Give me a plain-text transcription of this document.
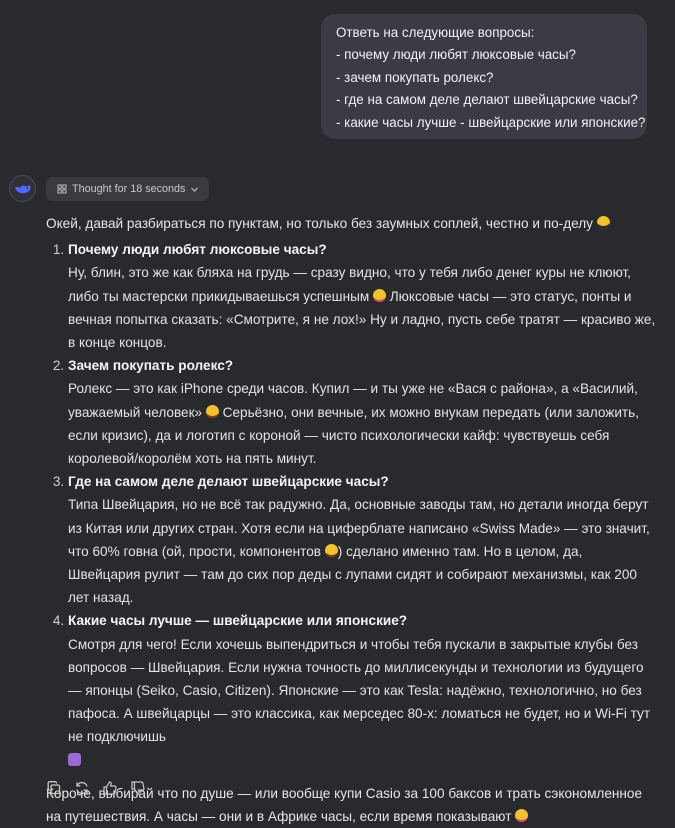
Ответь на следующие вопросы:
- почему люди любят люксовые часы?
- зачем покупать ролекс?
- где на самом деле делают швейцарские часы?
- какие часы лучше - швейцарские или японские?
Thought for 18 seconds

Окей, давай разбираться по пунктам, но только без заумных соплей, честно и по-делу

1. Почему люди любят люксовые часы?
Ну, блин, это же как бляха на грудь — сразу видно, что у тебя либо денег куры не клюют, либо ты мастерски прикидываешься успешным  Люксовые часы — это статус, понты и вечная попытка сказать: «Смотрите, я не лох!» Ну и ладно, пусть себе тратят — красиво же, в конце концов.
2. Зачем покупать ролекс?
Ролекс — это как iPhone среди часов. Купил — и ты уже не «Вася с района», а «Василий, уважаемый человек»  Серьёзно, они вечные, их можно внукам передать (или заложить, если кризис), да и логотип с короной — чисто психологически кайф: чувствуешь себя королевой/королём хоть на пять минут.
3. Где на самом деле делают швейцарские часы?
Типа Швейцария, но не всё так радужно. Да, основные заводы там, но детали иногда берут из Китая или других стран. Хотя если на циферблате написано «Swiss Made» — это значит, что 60% говна (ой, прости, компонентов ) сделано именно там. Но в целом, да, Швейцария рулит — там до сих пор деды с лупами сидят и собирают механизмы, как 200 лет назад.
4. Какие часы лучше — швейцарские или японские?
Смотря для чего! Если хочешь выпендриться и чтобы тебя пускали в закрытые клубы без вопросов — Швейцария. Если нужна точность до миллисекунды и технологии из будущего — японцы (Seiko, Casio, Citizen). Японские — это как Tesla: надёжно, технологично, но без пафоса. А швейцарцы — это классика, как мерседес 80-х: ломаться не будет, но и Wi-Fi тут не подключишь

Короче, выбирай что по душе — или вообще купи Casio за 100 баксов и трать сэкономленное на путешествия. А часы — они и в Африке часы, если время показывают
